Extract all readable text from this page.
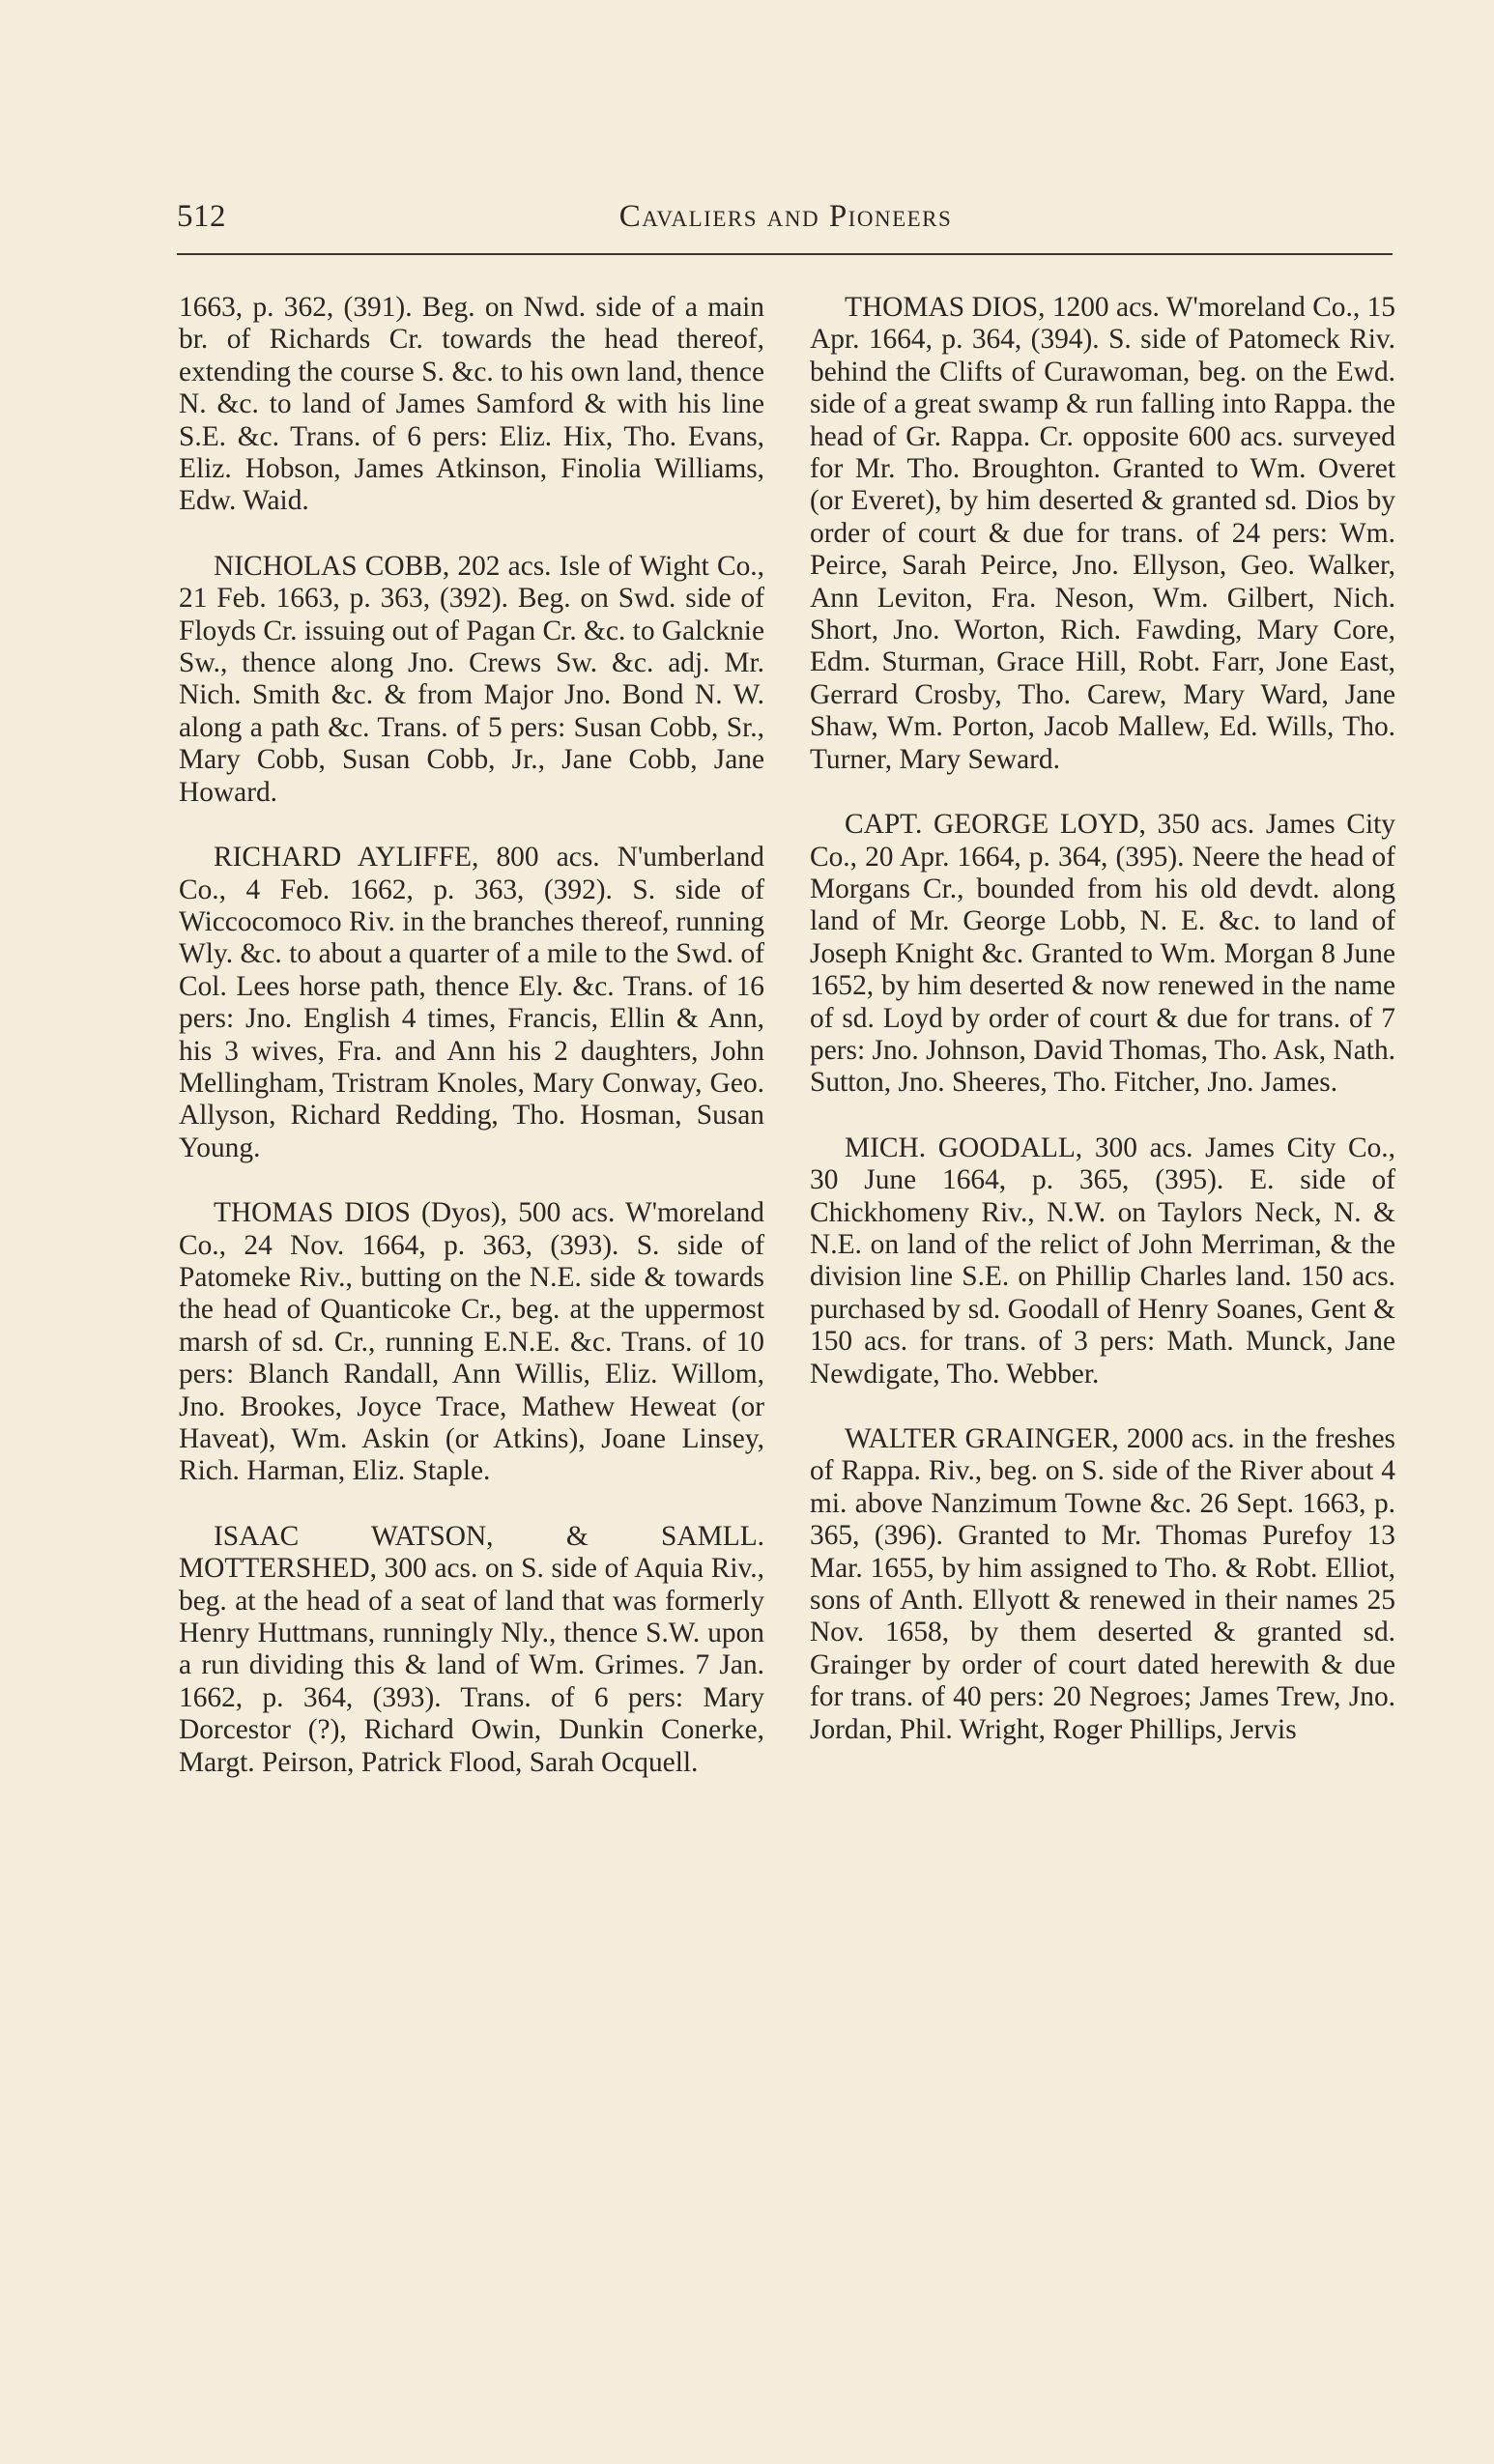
512	Cavaliers and Pioneers

1663, p. 362, (391). Beg. on Nwd. side of a main br. of Richards Cr. towards the head thereof, extending the course S. &c. to his own land, thence N. &c. to land of James Samford & with his line S.E. &c. Trans. of 6 pers: Eliz. Hix, Tho. Evans, Eliz. Hobson, James Atkinson, Finolia Williams, Edw. Waid.

NICHOLAS COBB, 202 acs. Isle of Wight Co., 21 Feb. 1663, p. 363, (392). Beg. on Swd. side of Floyds Cr. issuing out of Pagan Cr. &c. to Galcknie Sw., thence along Jno. Crews Sw. &c. adj. Mr. Nich. Smith &c. & from Major Jno. Bond N. W. along a path &c. Trans. of 5 pers: Susan Cobb, Sr., Mary Cobb, Susan Cobb, Jr., Jane Cobb, Jane Howard.

RICHARD AYLIFFE, 800 acs. N'umberland Co., 4 Feb. 1662, p. 363, (392). S. side of Wiccocomoco Riv. in the branches thereof, running Wly. &c. to about a quarter of a mile to the Swd. of Col. Lees horse path, thence Ely. &c. Trans. of 16 pers: Jno. English 4 times, Francis, Ellin & Ann, his 3 wives, Fra. and Ann his 2 daughters, John Mellingham, Tristram Knoles, Mary Conway, Geo. Allyson, Richard Redding, Tho. Hosman, Susan Young.

THOMAS DIOS (Dyos), 500 acs. W'moreland Co., 24 Nov. 1664, p. 363, (393). S. side of Patomeke Riv., butting on the N.E. side & towards the head of Quanticoke Cr., beg. at the uppermost marsh of sd. Cr., running E.N.E. &c. Trans. of 10 pers: Blanch Randall, Ann Willis, Eliz. Willom, Jno. Brookes, Joyce Trace, Mathew Heweat (or Haveat), Wm. Askin (or Atkins), Joane Linsey, Rich. Harman, Eliz. Staple.

ISAAC WATSON, & SAMLL. MOTTERSHED, 300 acs. on S. side of Aquia Riv., beg. at the head of a seat of land that was formerly Henry Huttmans, runningly Nly., thence S.W. upon a run dividing this & land of Wm. Grimes. 7 Jan. 1662, p. 364, (393). Trans. of 6 pers: Mary Dorcestor (?), Richard Owin, Dunkin Conerke, Margt. Peirson, Patrick Flood, Sarah Ocquell.

THOMAS DIOS, 1200 acs. W'moreland Co., 15 Apr. 1664, p. 364, (394). S. side of Patomeck Riv. behind the Clifts of Curawoman, beg. on the Ewd. side of a great swamp & run falling into Rappa. the head of Gr. Rappa. Cr. opposite 600 acs. surveyed for Mr. Tho. Broughton. Granted to Wm. Overet (or Everet), by him deserted & granted sd. Dios by order of court & due for trans. of 24 pers: Wm. Peirce, Sarah Peirce, Jno. Ellyson, Geo. Walker, Ann Leviton, Fra. Neson, Wm. Gilbert, Nich. Short, Jno. Worton, Rich. Fawding, Mary Core, Edm. Sturman, Grace Hill, Robt. Farr, Jone East, Gerrard Crosby, Tho. Carew, Mary Ward, Jane Shaw, Wm. Porton, Jacob Mallew, Ed. Wills, Tho. Turner, Mary Seward.

CAPT. GEORGE LOYD, 350 acs. James City Co., 20 Apr. 1664, p. 364, (395). Neere the head of Morgans Cr., bounded from his old devdt. along land of Mr. George Lobb, N. E. &c. to land of Joseph Knight &c. Granted to Wm. Morgan 8 June 1652, by him deserted & now renewed in the name of sd. Loyd by order of court & due for trans. of 7 pers: Jno. Johnson, David Thomas, Tho. Ask, Nath. Sutton, Jno. Sheeres, Tho. Fitcher, Jno. James.

MICH. GOODALL, 300 acs. James City Co., 30 June 1664, p. 365, (395). E. side of Chickhomeny Riv., N.W. on Taylors Neck, N. & N.E. on land of the relict of John Merriman, & the division line S.E. on Phillip Charles land. 150 acs. purchased by sd. Goodall of Henry Soanes, Gent & 150 acs. for trans. of 3 pers: Math. Munck, Jane Newdigate, Tho. Webber.

WALTER GRAINGER, 2000 acs. in the freshes of Rappa. Riv., beg. on S. side of the River about 4 mi. above Nanzimum Towne &c. 26 Sept. 1663, p. 365, (396). Granted to Mr. Thomas Purefoy 13 Mar. 1655, by him assigned to Tho. & Robt. Elliot, sons of Anth. Ellyott & renewed in their names 25 Nov. 1658, by them deserted & granted sd. Grainger by order of court dated herewith & due for trans. of 40 pers: 20 Negroes; James Trew, Jno. Jordan, Phil. Wright, Roger Phillips, Jervis
